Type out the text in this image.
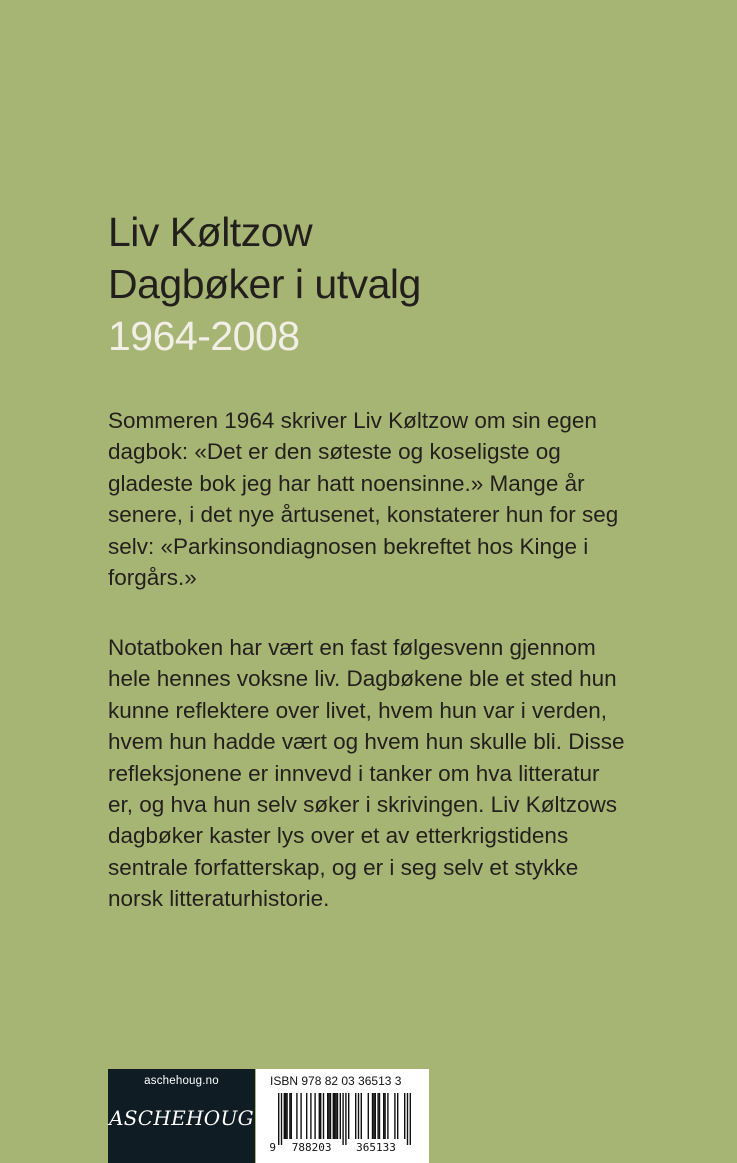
Liv Køltzow
Dagbøker i utvalg
1964-2008

Sommeren 1964 skriver Liv Køltzow om sin egen
dagbok: «Det er den søteste og koseligste og
gladeste bok jeg har hatt noensinne.» Mange år
senere, i det nye årtusenet, konstaterer hun for seg
selv: «Parkinsondiagnosen bekreftet hos Kinge i
forgårs.»

Notatboken har vært en fast følgesvenn gjennom
hele hennes voksne liv. Dagbøkene ble et sted hun
kunne reflektere over livet, hvem hun var i verden,
hvem hun hadde vært og hvem hun skulle bli. Disse
refleksjonene er innvevd i tanker om hva litteratur
er, og hva hun selv søker i skrivingen. Liv Køltzows
dagbøker kaster lys over et av etterkrigstidens
sentrale forfatterskap, og er i seg selv et stykke
norsk litteraturhistorie.

aschehoug.no
ASCHEHOUG
ISBN 978 82 03 36513 3
9 788203 365133
